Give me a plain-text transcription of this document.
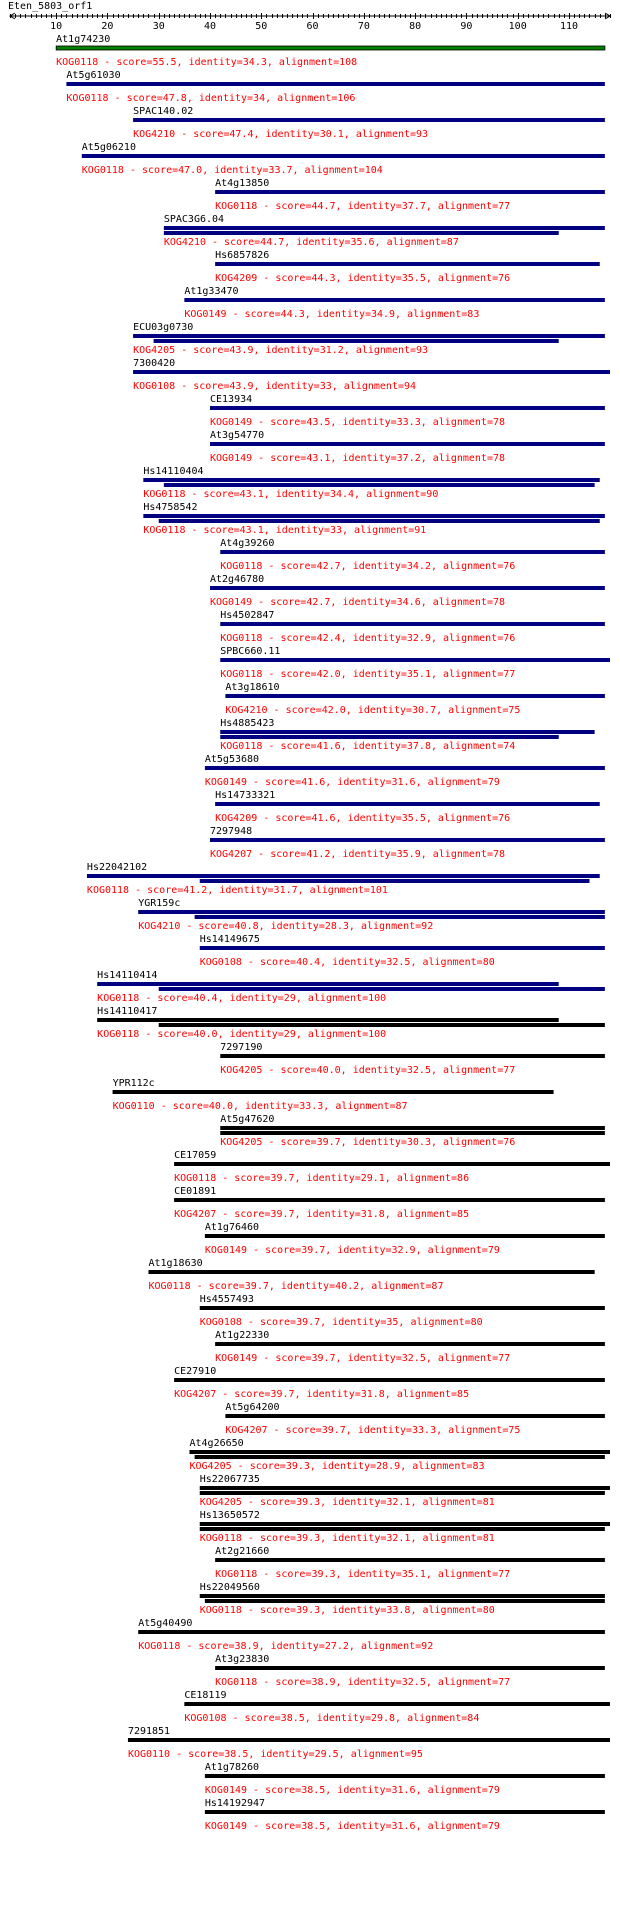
Eten_5803_orf1
10	20	30	40	50	60	70	80	90	100	110
At1g74230
KOG0118 - score=55.5, identity=34.3, alignment=108
At5g61030
KOG0118 - score=47.8, identity=34, alignment=106
SPAC140.02
KOG4210 - score=47.4, identity=30.1, alignment=93
At5g06210
KOG0118 - score=47.0, identity=33.7, alignment=104
At4g13850
KOG0118 - score=44.7, identity=37.7, alignment=77
SPAC3G6.04
KOG4210 - score=44.7, identity=35.6, alignment=87
Hs6857826
KOG4209 - score=44.3, identity=35.5, alignment=76
At1g33470
KOG0149 - score=44.3, identity=34.9, alignment=83
ECU03g0730
KOG4205 - score=43.9, identity=31.2, alignment=93
7300420
KOG0108 - score=43.9, identity=33, alignment=94
CE13934
KOG0149 - score=43.5, identity=33.3, alignment=78
At3g54770
KOG0149 - score=43.1, identity=37.2, alignment=78
Hs14110404
KOG0118 - score=43.1, identity=34.4, alignment=90
Hs4758542
KOG0118 - score=43.1, identity=33, alignment=91
At4g39260
KOG0118 - score=42.7, identity=34.2, alignment=76
At2g46780
KOG0149 - score=42.7, identity=34.6, alignment=78
Hs4502847
KOG0118 - score=42.4, identity=32.9, alignment=76
SPBC660.11
KOG0118 - score=42.0, identity=35.1, alignment=77
At3g18610
KOG4210 - score=42.0, identity=30.7, alignment=75
Hs4885423
KOG0118 - score=41.6, identity=37.8, alignment=74
At5g53680
KOG0149 - score=41.6, identity=31.6, alignment=79
Hs14733321
KOG4209 - score=41.6, identity=35.5, alignment=76
7297948
KOG4207 - score=41.2, identity=35.9, alignment=78
Hs22042102
KOG0118 - score=41.2, identity=31.7, alignment=101
YGR159c
KOG4210 - score=40.8, identity=28.3, alignment=92
Hs14149675
KOG0108 - score=40.4, identity=32.5, alignment=80
Hs14110414
KOG0118 - score=40.4, identity=29, alignment=100
Hs14110417
KOG0118 - score=40.0, identity=29, alignment=100
7297190
KOG4205 - score=40.0, identity=32.5, alignment=77
YPR112c
KOG0110 - score=40.0, identity=33.3, alignment=87
At5g47620
KOG4205 - score=39.7, identity=30.3, alignment=76
CE17059
KOG0118 - score=39.7, identity=29.1, alignment=86
CE01891
KOG4207 - score=39.7, identity=31.8, alignment=85
At1g76460
KOG0149 - score=39.7, identity=32.9, alignment=79
At1g18630
KOG0118 - score=39.7, identity=40.2, alignment=87
Hs4557493
KOG0108 - score=39.7, identity=35, alignment=80
At1g22330
KOG0149 - score=39.7, identity=32.5, alignment=77
CE27910
KOG4207 - score=39.7, identity=31.8, alignment=85
At5g64200
KOG4207 - score=39.7, identity=33.3, alignment=75
At4g26650
KOG4205 - score=39.3, identity=28.9, alignment=83
Hs22067735
KOG4205 - score=39.3, identity=32.1, alignment=81
Hs13650572
KOG0118 - score=39.3, identity=32.1, alignment=81
At2g21660
KOG0118 - score=39.3, identity=35.1, alignment=77
Hs22049560
KOG0118 - score=39.3, identity=33.8, alignment=80
At5g40490
KOG0118 - score=38.9, identity=27.2, alignment=92
At3g23830
KOG0118 - score=38.9, identity=32.5, alignment=77
CE18119
KOG0108 - score=38.5, identity=29.8, alignment=84
7291851
KOG0110 - score=38.5, identity=29.5, alignment=95
At1g78260
KOG0149 - score=38.5, identity=31.6, alignment=79
Hs14192947
KOG0149 - score=38.5, identity=31.6, alignment=79
